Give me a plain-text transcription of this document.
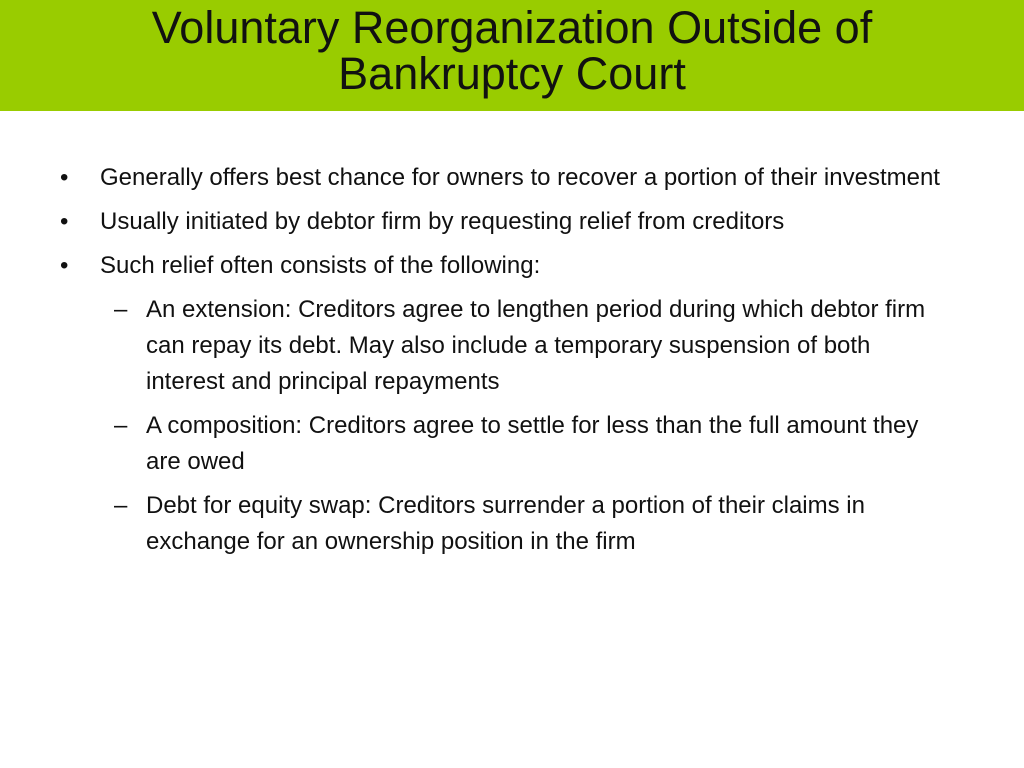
Voluntary Reorganization Outside of
Bankruptcy Court
•	Generally offers best chance for owners to recover a portion of their investment
•	Usually initiated by debtor firm by requesting relief from creditors
•	Such relief often consists of the following:
– An extension: Creditors agree to lengthen period during which debtor firm can repay its debt. May also include a temporary suspension of both interest and principal repayments
– A composition: Creditors agree to settle for less than the full amount they are owed
– Debt for equity swap: Creditors surrender a portion of their claims in exchange for an ownership position in the firm
